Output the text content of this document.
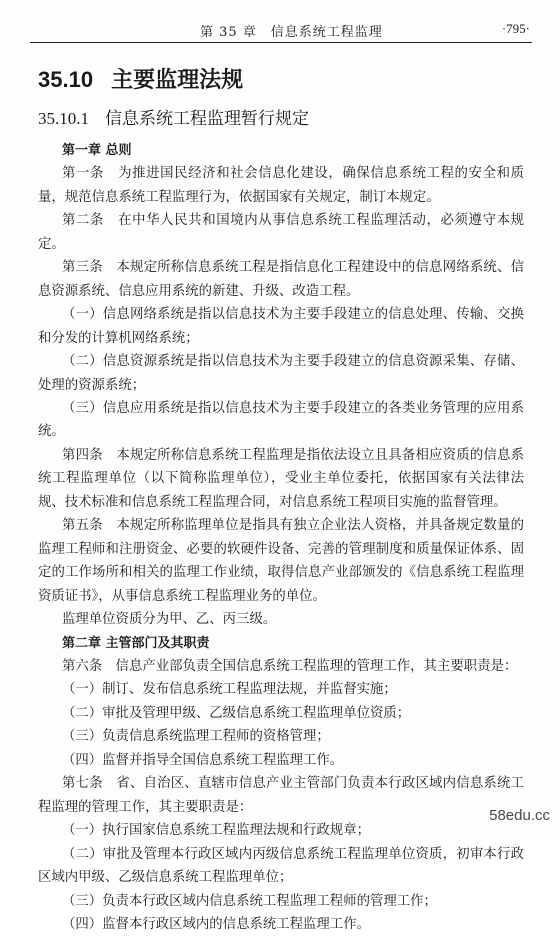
第 35 章　信息系统工程监理	·795·
35.10 主要监理法规
35.10.1 信息系统工程监理暂行规定

第一章 总则

第一条　为推进国民经济和社会信息化建设，确保信息系统工程的安全和质量，规范信息系统工程监理行为，依据国家有关规定，制订本规定。

第二条　在中华人民共和国境内从事信息系统工程监理活动，必须遵守本规定。

第三条　本规定所称信息系统工程是指信息化工程建设中的信息网络系统、信息资源系统、信息应用系统的新建、升级、改造工程。

（一）信息网络系统是指以信息技术为主要手段建立的信息处理、传输、交换和分发的计算机网络系统；

（二）信息资源系统是指以信息技术为主要手段建立的信息资源采集、存储、处理的资源系统；

（三）信息应用系统是指以信息技术为主要手段建立的各类业务管理的应用系统。

第四条　本规定所称信息系统工程监理是指依法设立且具备相应资质的信息系统工程监理单位（以下简称监理单位），受业主单位委托，依据国家有关法律法规、技术标准和信息系统工程监理合同，对信息系统工程项目实施的监督管理。

第五条　本规定所称监理单位是指具有独立企业法人资格，并具备规定数量的监理工程师和注册资金、必要的软硬件设备、完善的管理制度和质量保证体系、固定的工作场所和相关的监理工作业绩，取得信息产业部颁发的《信息系统工程监理资质证书》，从事信息系统工程监理业务的单位。

监理单位资质分为甲、乙、丙三级。

第二章 主管部门及其职责

第六条　信息产业部负责全国信息系统工程监理的管理工作，其主要职责是：

（一）制订、发布信息系统工程监理法规，并监督实施；

（二）审批及管理甲级、乙级信息系统工程监理单位资质；

（三）负责信息系统监理工程师的资格管理；

（四）监督并指导全国信息系统工程监理工作。

第七条　省、自治区、直辖市信息产业主管部门负责本行政区域内信息系统工程监理的管理工作，其主要职责是：

（一）执行国家信息系统工程监理法规和行政规章；

（二）审批及管理本行政区域内丙级信息系统工程监理单位资质，初审本行政区域内甲级、乙级信息系统工程监理单位；

（三）负责本行政区域内信息系统工程监理工程师的管理工作；

（四）监督本行政区域内的信息系统工程监理工作。

58edu.cc
